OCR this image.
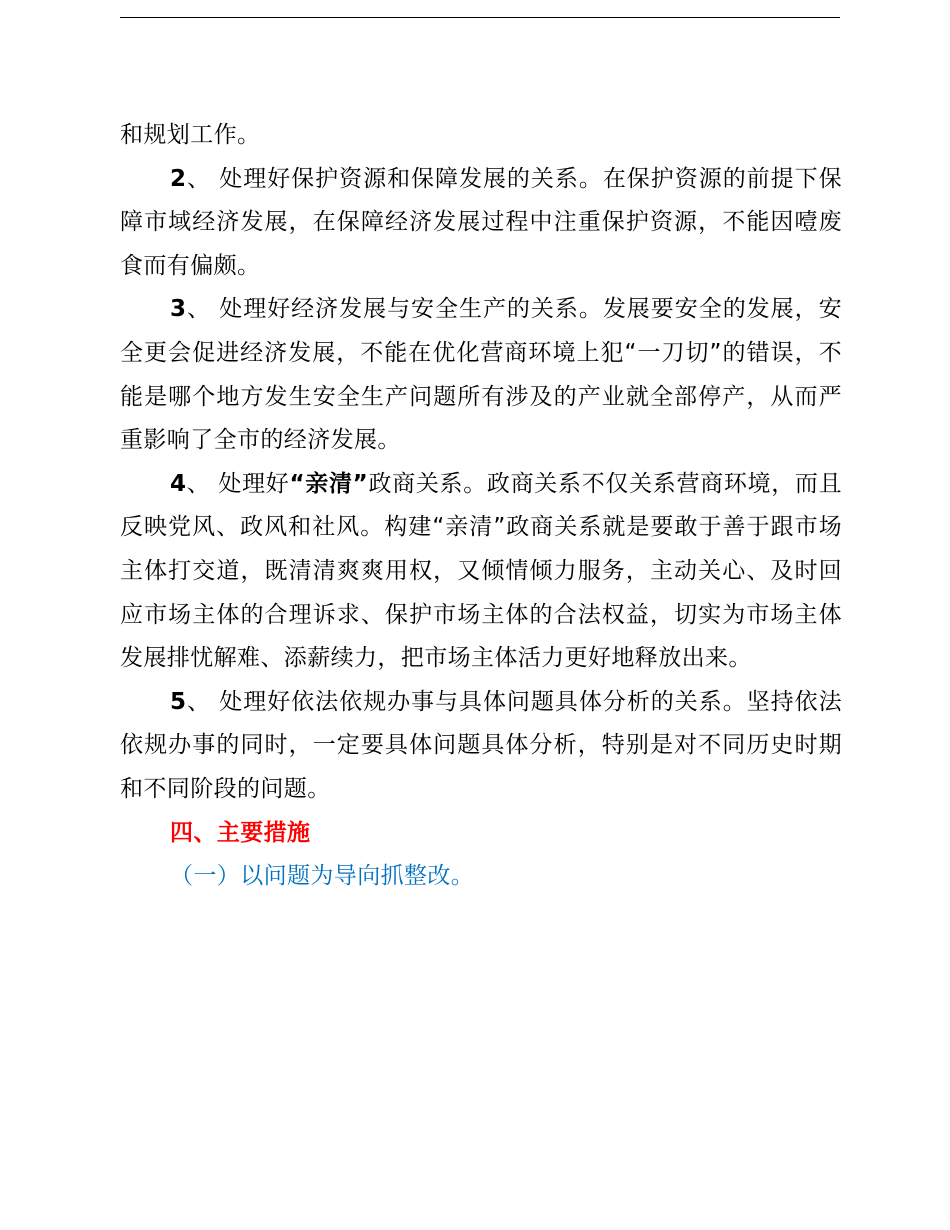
和规划工作。

2、 处理好保护资源和保障发展的关系。在保护资源的前提下保障市域经济发展，在保障经济发展过程中注重保护资源，不能因噎废食而有偏颇。

3、 处理好经济发展与安全生产的关系。发展要安全的发展，安全更会促进经济发展，不能在优化营商环境上犯“一刀切”的错误，不能是哪个地方发生安全生产问题所有涉及的产业就全部停产，从而严重影响了全市的经济发展。

4、 处理好“亲清”政商关系。政商关系不仅关系营商环境，而且反映党风、政风和社风。构建“亲清”政商关系就是要敢于善于跟市场主体打交道，既清清爽爽用权，又倾情倾力服务，主动关心、及时回应市场主体的合理诉求、保护市场主体的合法权益，切实为市场主体发展排忧解难、添薪续力，把市场主体活力更好地释放出来。

5、 处理好依法依规办事与具体问题具体分析的关系。坚持依法依规办事的同时，一定要具体问题具体分析，特别是对不同历史时期和不同阶段的问题。

四、主要措施

（一）以问题为导向抓整改。
